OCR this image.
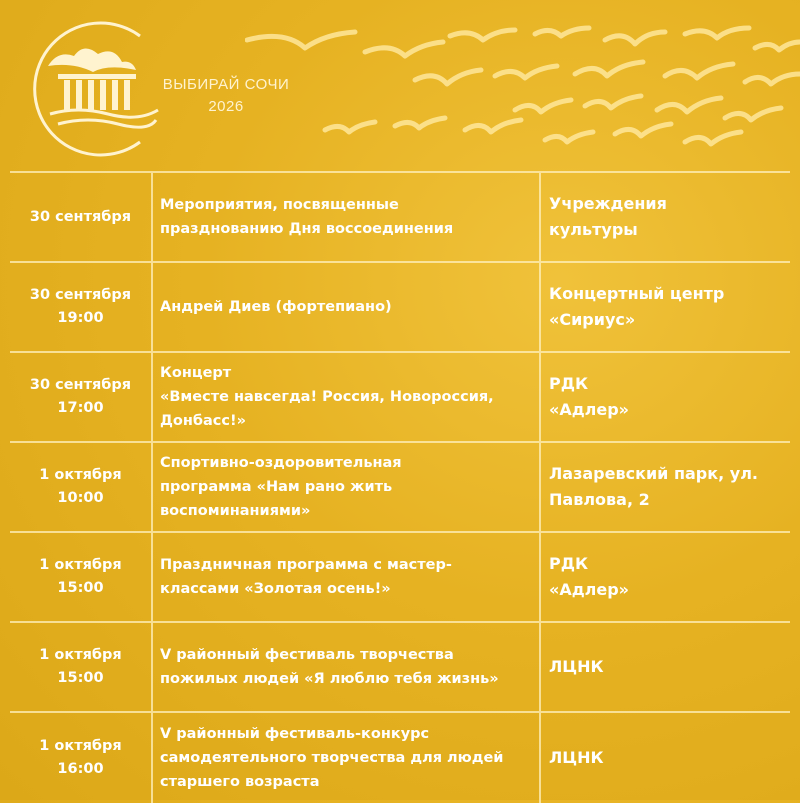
ВЫБИРАЙ СОЧИ
2026
30 сентября
Мероприятия, посвященные
празднованию Дня воссоединения
Учреждения
культуры
30 сентября
19:00
Андрей Диев (фортепиано)
Концертный центр
«Сириус»
30 сентября
17:00
Концерт
«Вместе навсегда! Россия, Новороссия,
Донбасс!»
РДК
«Адлер»
1 октября
10:00
Спортивно-оздоровительная
программа «Нам рано жить
воспоминаниями»
Лазаревский парк, ул.
Павлова, 2
1 октября
15:00
Праздничная программа с мастер-
классами «Золотая осень!»
РДК
«Адлер»
1 октября
15:00
V районный фестиваль творчества
пожилых людей «Я люблю тебя жизнь»
ЛЦНК
1 октября
16:00
V районный фестиваль-конкурс
самодеятельного творчества для людей
старшего возраста
ЛЦНК
